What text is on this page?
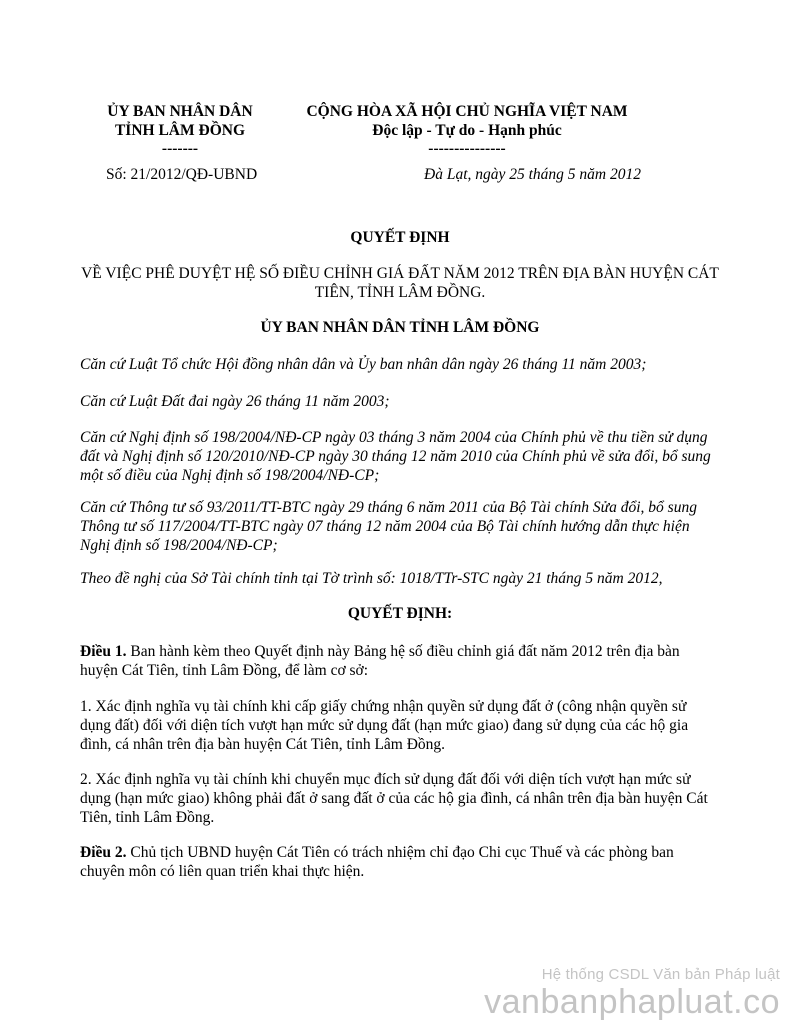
ỦY BAN NHÂN DÂN
TỈNH LÂM ĐỒNG
-------
CỘNG HÒA XÃ HỘI CHỦ NGHĨA VIỆT NAM
Độc lập - Tự do - Hạnh phúc
---------------
Số: 21/2012/QĐ-UBND	Đà Lạt, ngày 25 tháng 5 năm 2012
QUYẾT ĐỊNH
VỀ VIỆC PHÊ DUYỆT HỆ SỐ ĐIỀU CHỈNH GIÁ ĐẤT NĂM 2012 TRÊN ĐỊA BÀN HUYỆN CÁT TIÊN, TỈNH LÂM ĐỒNG.
ỦY BAN NHÂN DÂN TỈNH LÂM ĐỒNG
Căn cứ Luật Tổ chức Hội đồng nhân dân và Ủy ban nhân dân ngày 26 tháng 11 năm 2003;
Căn cứ Luật Đất đai ngày 26 tháng 11 năm 2003;
Căn cứ Nghị định số 198/2004/NĐ-CP ngày 03 tháng 3 năm 2004 của Chính phủ về thu tiền sử dụng đất và Nghị định số 120/2010/NĐ-CP ngày 30 tháng 12 năm 2010 của Chính phủ về sửa đổi, bổ sung một số điều của Nghị định số 198/2004/NĐ-CP;
Căn cứ Thông tư số 93/2011/TT-BTC ngày 29 tháng 6 năm 2011 của Bộ Tài chính Sửa đổi, bổ sung Thông tư số 117/2004/TT-BTC ngày 07 tháng 12 năm 2004 của Bộ Tài chính hướng dẫn thực hiện Nghị định số 198/2004/NĐ-CP;
Theo đề nghị của Sở Tài chính tỉnh tại Tờ trình số: 1018/TTr-STC ngày 21 tháng 5 năm 2012,
QUYẾT ĐỊNH:
Điều 1. Ban hành kèm theo Quyết định này Bảng hệ số điều chỉnh giá đất năm 2012 trên địa bàn huyện Cát Tiên, tỉnh Lâm Đồng, để làm cơ sở:
1. Xác định nghĩa vụ tài chính khi cấp giấy chứng nhận quyền sử dụng đất ở (công nhận quyền sử dụng đất) đối với diện tích vượt hạn mức sử dụng đất (hạn mức giao) đang sử dụng của các hộ gia đình, cá nhân trên địa bàn huyện Cát Tiên, tỉnh Lâm Đồng.
2. Xác định nghĩa vụ tài chính khi chuyển mục đích sử dụng đất đối với diện tích vượt hạn mức sử dụng (hạn mức giao) không phải đất ở sang đất ở của các hộ gia đình, cá nhân trên địa bàn huyện Cát Tiên, tỉnh Lâm Đồng.
Điều 2. Chủ tịch UBND huyện Cát Tiên có trách nhiệm chỉ đạo Chi cục Thuế và các phòng ban chuyên môn có liên quan triển khai thực hiện.
Hệ thống CSDL Văn bản Pháp luật
vanbanphapluat.co
